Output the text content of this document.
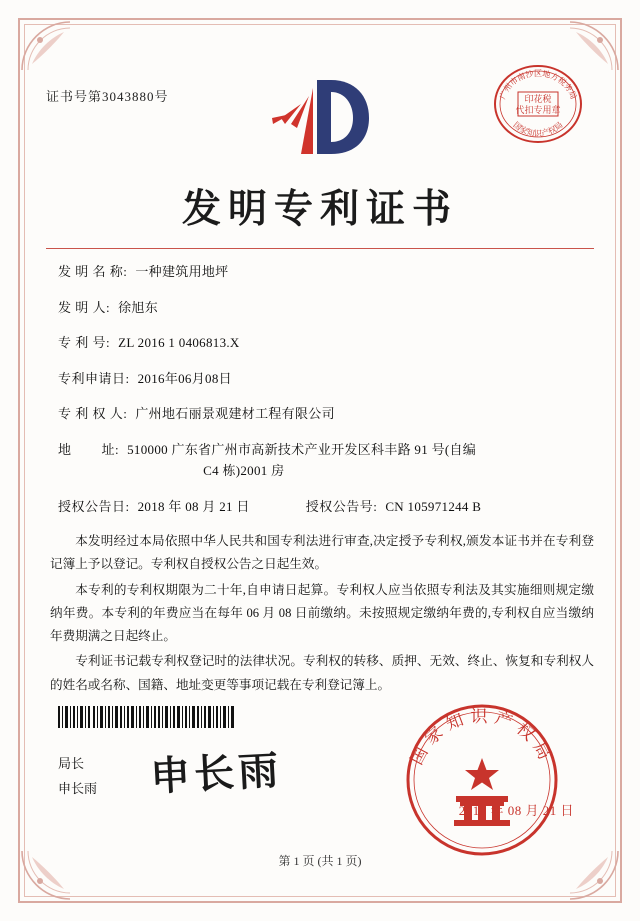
证书号第3043880号	印花税
代扣专用章
广州市南沙区地方税务局
国家知识产权局
发明专利证书
发 明 名 称: 一种建筑用地坪
发 明 人: 徐旭东
专 利 号: ZL 2016 1 0406813.X
专利申请日: 2016年06月08日
专 利 权 人: 广州地石丽景观建材工程有限公司
地        址: 510000 广东省广州市高新技术产业开发区科丰路 91 号(自编
C4 栋)2001 房
授权公告日: 2018 年 08 月 21 日	授权公告号: CN 105971244 B

本发明经过本局依照中华人民共和国专利法进行审查,决定授予专利权,颁发本证书并在专利登记簿上予以登记。专利权自授权公告之日起生效。

本专利的专利权期限为二十年,自申请日起算。专利权人应当依照专利法及其实施细则规定缴纳年费。本专利的年费应当在每年 06 月 08 日前缴纳。未按照规定缴纳年费的,专利权自应当缴纳年费期满之日起终止。

专利证书记载专利权登记时的法律状况。专利权的转移、质押、无效、终止、恢复和专利权人的姓名或名称、国籍、地址变更等事项记载在专利登记簿上。

局长
申长雨 申长雨	国家知识产权局
2018 年 08 月 21 日
第 1 页 (共 1 页)
